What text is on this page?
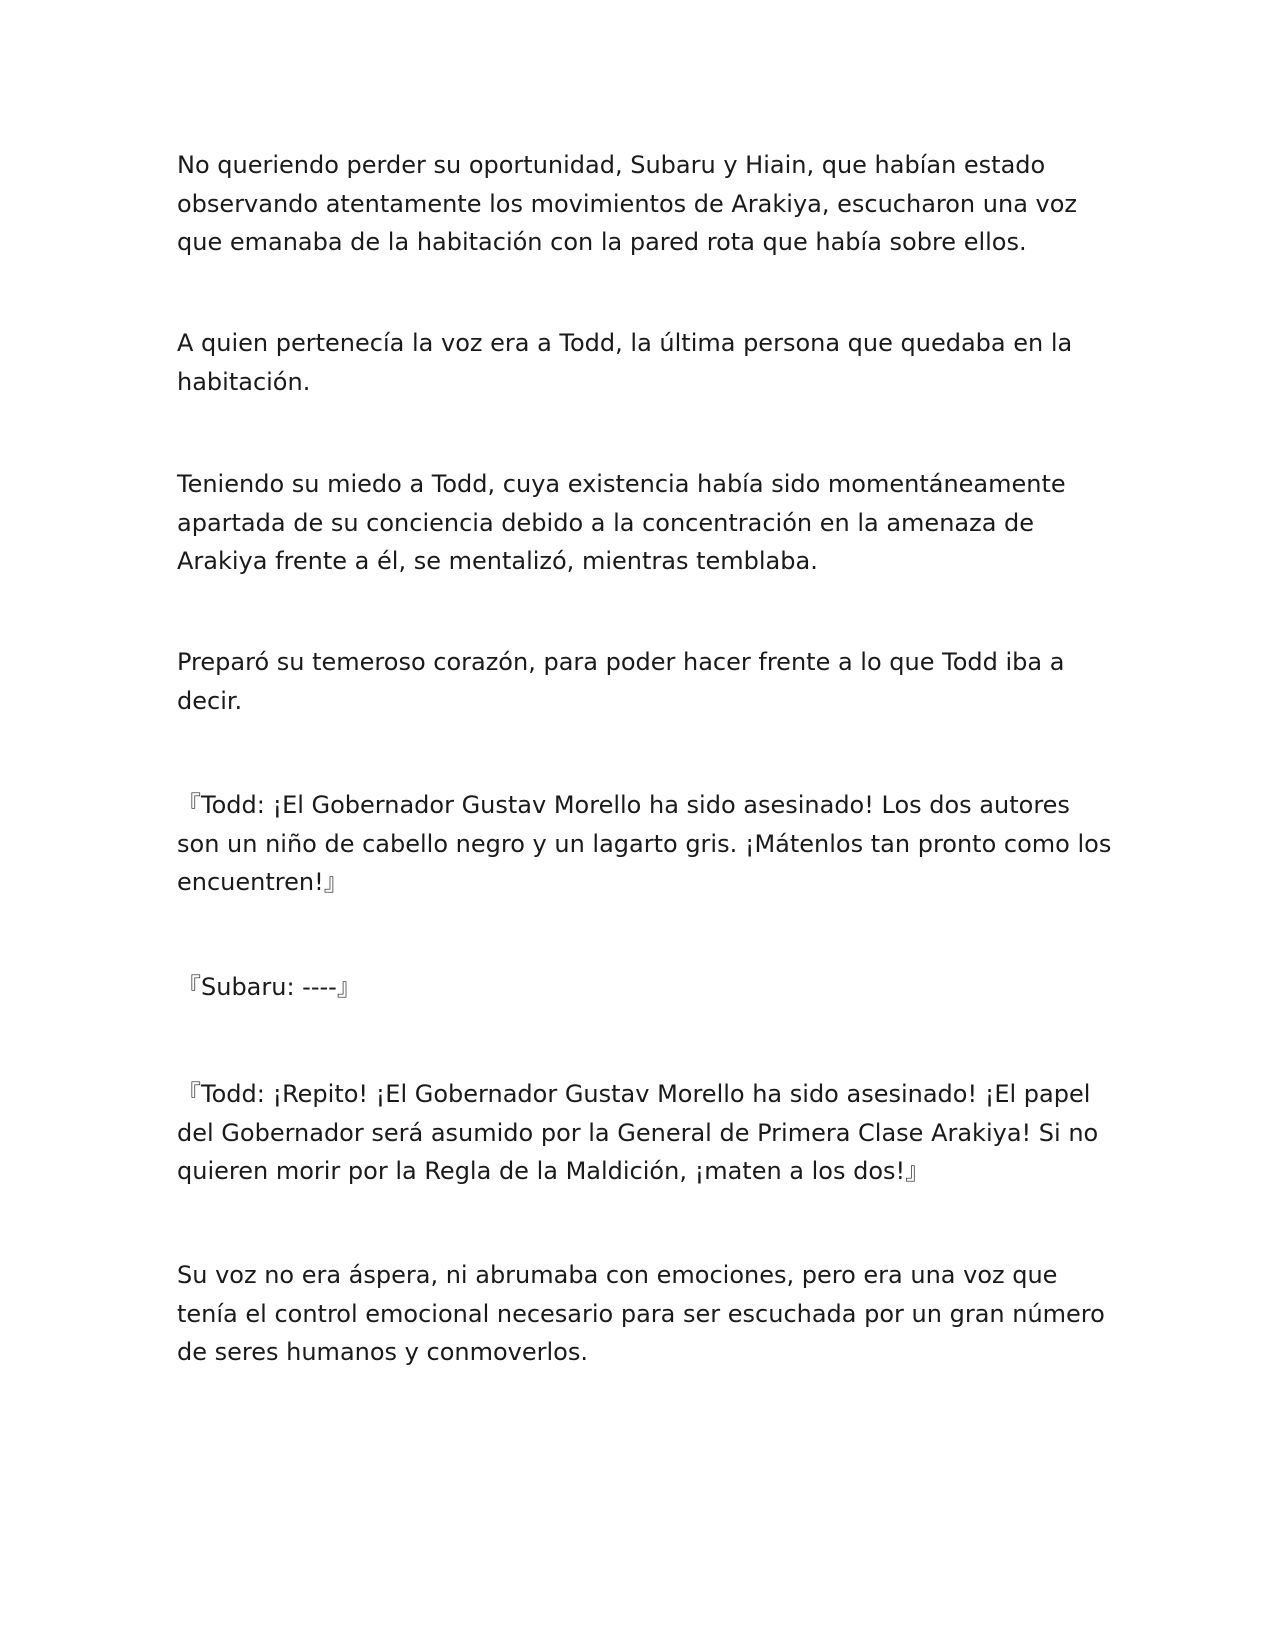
No queriendo perder su oportunidad, Subaru y Hiain, que habían estado
observando atentamente los movimientos de Arakiya, escucharon una voz
que emanaba de la habitación con la pared rota que había sobre ellos.

A quien pertenecía la voz era a Todd, la última persona que quedaba en la
habitación.

Teniendo su miedo a Todd, cuya existencia había sido momentáneamente
apartada de su conciencia debido a la concentración en la amenaza de
Arakiya frente a él, se mentalizó, mientras temblaba.

Preparó su temeroso corazón, para poder hacer frente a lo que Todd iba a
decir.

『Todd: ¡El Gobernador Gustav Morello ha sido asesinado! Los dos autores
son un niño de cabello negro y un lagarto gris. ¡Mátenlos tan pronto como los
encuentren!』

『Subaru: ----』

『Todd: ¡Repito! ¡El Gobernador Gustav Morello ha sido asesinado! ¡El papel
del Gobernador será asumido por la General de Primera Clase Arakiya! Si no
quieren morir por la Regla de la Maldición, ¡maten a los dos!』

Su voz no era áspera, ni abrumaba con emociones, pero era una voz que
tenía el control emocional necesario para ser escuchada por un gran número
de seres humanos y conmoverlos.
